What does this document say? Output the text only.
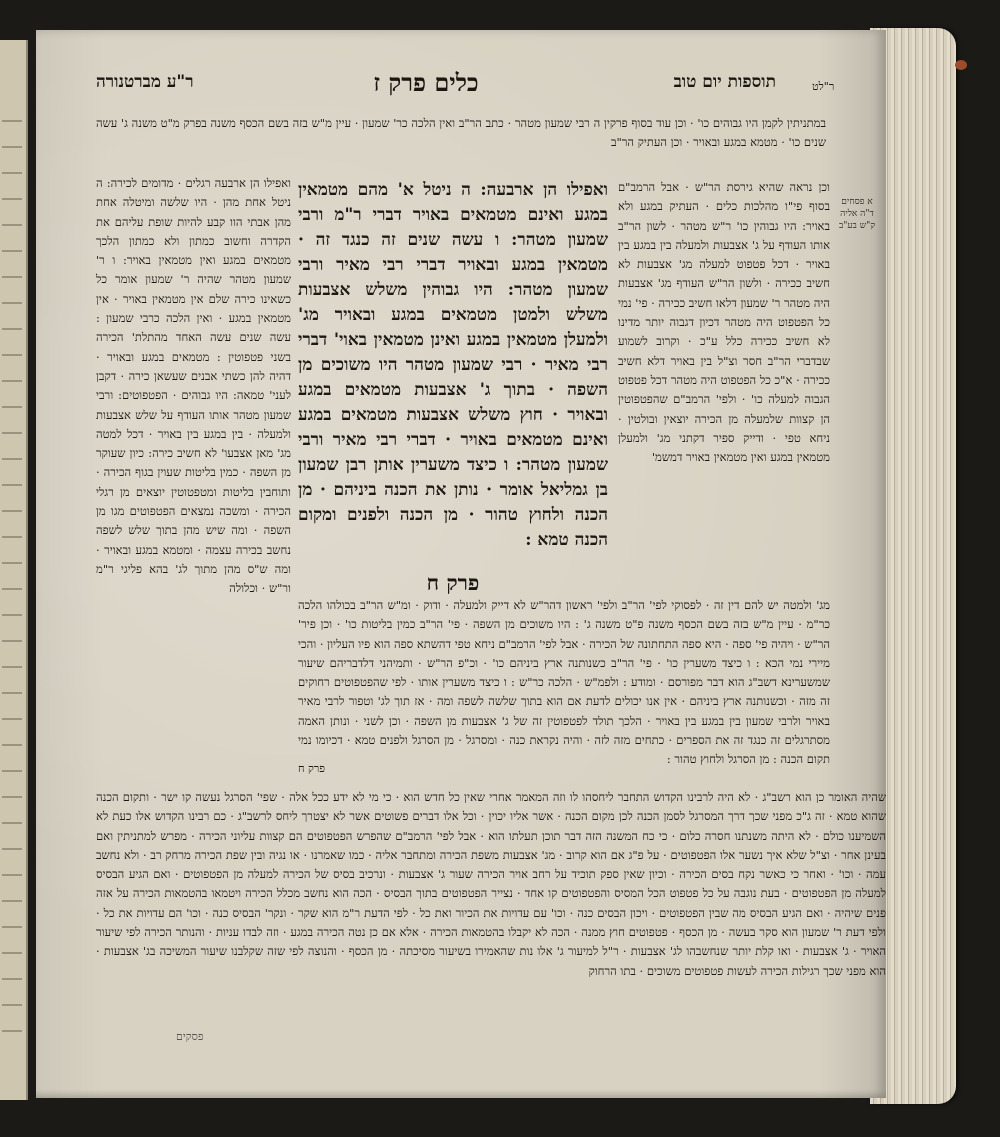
תוספות יום טוב
כלים פרק ז
ר"ע מברטנורה	ר"לט
במתניתין לקמן היו גבוהים כו' · וכן עוד בסוף פרקין ה רבי שמעון מטהר · כתב הר"ב ואין הלכה כר' שמעון · עיין מ"ש בזה בשם הכסף משנה בפרק מ"ט משנה ג' עשה שנים כו' · מטמא במגע ובאויר · וכן העתיק הר"ב
וכן נראה שהיא גירסת הר"ש · אבל הרמב"ם בסוף פי"ו מהלכות כלים · העתיק במגע ולא באויר: היו גבוהין כו' ר"ש מטהר · לשון הר"ב אותו העודף על ג' אצבעות ולמעלה בין במגע בין באויר · דכל פטפוט למעלה מג' אצבעות לא חשיב ככירה · ולשון הר"ש העודף מג' אצבעות היה מטהר ר' שמעון דלאו חשיב ככירה · פי' נמי כל הפטפוט היה מטהר דכיון דגבוה יותר מדינו לא חשיב ככירה כלל ע"כ · וקרוב לשמוע שבדברי הר"ב חסר וצ"ל בין באויר דלא חשיב ככירה · א"כ כל הפטפוט היה מטהר דכל פטפוט הגבוה למעלה כו' · ולפי' הרמב"ם שהפטפוטין הן קצוות שלמעלה מן הכירה יוצאין ובולטין · ניחא טפי · ודייק ספיר דקתני מג' ולמעלן מטמאין במגע ואין מטמאין באויר דמשמ'
ואפילו הן ארבעה: ה ניטל א' מהם מטמאין במגע ואינם מטמאים באויר דברי ר"מ ורבי שמעון מטהר: ו עשה שנים זה כנגד זה · מטמאין במגע ובאויר דברי רבי מאיר ורבי שמעון מטהר: היו גבוהין משלש אצבעות משלש ולמטן מטמאים במגע ובאויר מג' ולמעלן מטמאין במגע ואינן מטמאין באוי' דברי רבי מאיר · רבי שמעון מטהר היו משוכים מן השפה · בתוך ג' אצבעות מטמאים במגע ובאויר · חוץ משלש אצבעות מטמאים במגע ואינם מטמאים באויר · דברי רבי מאיר ורבי שמעון מטהר: ו כיצד משערין אותן רבן שמעון בן גמליאל אומר · נותן את הכנה ביניהם · מן הכנה ולחוץ טהור · מן הכנה ולפנים ומקום הכנה טמא :
פרק ח
ואפילו הן ארבעה רגלים · מדומים לכירה: ה ניטל אחת מהן · היו שלשה ומיטלה אחת מהן אבתי הוו קבע להיות שופת עליהם את הקדרה וחשוב כמתון ולא כמתון הלכך מטמאים במגע ואין מטמאין באויר: ו ר' שמעון מטהר שהיה ר' שמעון אומר כל כשאינו כירה שלם אין מטמאין באויר · אין מטמאין במגע · ואין הלכה כרבי שמעון : עשה שנים עשה האחד מהתלת' הכירה בשני פטפוטין : מטמאים במגע ובאויר · דהיה להן כשתי אבנים שעשאן כירה · דקבן לעני' טמאה: היו גבוהים · הפטפוטים: ורבי שמעון מטהר אותו העודף על שלש אצבעות ולמעלה · בין במגע בין באויר · דכל למטה מג' מאן אצבעו' לא חשיב כירה: כיון שעוקר מן השפה · כמין בליטות שעוין בגוף הכירה · ותוחבין בליטות ומטפטוטין יוצאים מן רגלי הכירה · ומשכה נמצאים הפטפוטים מגו מן השפה · ומה שיש מהן בתוך שלש לשפה נחשב בכירה עצמה · ומטמא במגע ובאויר · ומה ש"ס מהן מתוך לג' בהא פליגי ר"מ ור"ש · וכלולה
מג' ולמטה יש להם דין זה · לפסוקי לפי' הר"ב ולפי' ראשון דהר"ש לא דייק ולמעלה · ודוק · ומ"ש הר"ב בכולהו הלכה כר"מ · עיין מ"ש בזה בשם הכסף משנה פ"ט משנה ג' : היו משוכים מן השפה · פי' הר"ב כמין בליטות כו' · וכן פיר' הר"ש · ויהיה פי' ספה · היא ספה התחתונה של הכירה · אבל לפי' הרמב"ם ניחא טפי דהשתא ספה הוא פיו העליון · והכי מיירי נמי הכא : ו כיצד משערין כו' · פי' הר"ב כשנותנה ארץ ביניהם כו' · וכ"פ הר"ש · ותמיהני דלדבריהם שיעור שמשערינא דשב"ג הוא דבר מפורסם · ומודע : ולפמ"ש · הלכה כר"ש : ו כיצד משערין אותו · לפי שהפטפוטים רחוקים זה מזה · וכשנותנה ארץ ביניהם · אין אנו יכולים לדעת אם הוא בתוך שלשה לשפה ומה · אז תוך לג' וטפור לרבי מאיר באויר ולרבי שמעון בין במגע בין באויר · הלכך תולד לפטפוטין זה של ג' אצבעות מן השפה · וכן לשני · ונותן האמה מסתרגלים זה כנגד זה את הספרים · כתחים מזה לזה · והיה נקראת כנה · ומסרגל · מן הסרגל ולפנים טמא · דכיומו נמי תקום הכנה : מן הסרגל ולחוץ טהור :
פרק ח
שהיה האומר כן הוא רשב"ג · לא היה לרבינו הקדוש התחבר ליחסהו לו וזה המאמר אחרי שאין כל חדש הוא · כי מי לא ידע ככל אלה · שפי' הסרגל נעשה קו ישר · ותקום הכנה שהוא טמא · זה ג"כ מפני שכך דרך המסרגל לסמן הכנה לכן מקום הכנה · אשר אליו יכוין · וכל אלו דברים פשוטים אשר לא יצטרך ליחס לרשב"ג · כם רבינו הקדוש אלו כעת לא השמיענו כולם · לא היתה משנתנו חסרה כלום · כי כח המשנה הזה דבר תוכן תעלתו הוא · אבל לפי' הרמב"ם שהפרש הפטפוטים הם קצוות עליוני הכירה · מפרש למתניתין ואם בעינן אחר · וצ"ל שלא איך נשער אלו הפטפוטים · על פ"ג אם הוא קרוב · מג' אצבעות משפת הכירה ומתחבר אליה · כמו שאמרנו · או נגיה ובין שפת הכירה מרחק רב · ולא נחשב עמה · וכו' · ואחר כי כאשר נקח בסים הכירה · וכיון שאין ספק תוכיד על רחב אויר הכירה שעור ג' אצבעות · ונרכיב בסיס של הכירה למעלה מן הפטפוטים · ואם הגיע הבסיס למעלה מן הפטפוטים · בעת נוגבה על כל פטפוט הכל המסיס והפטפוטים קו אחד · נצייר הפטפוטים בתוך הבסיס · הכה הוא נחשב מכלל הכירה ויטמאו בהטמאות הכירה על אזה פנים שיהיה · ואם הגיע הבסיס מה שבין הפטפוטים · ויכון הבסים כנה · וכו' עם עדויות את הכיור ואת כל · לפי הדעת ר"מ הוא שקר · ונקר' הבסיס כנה · וכו' הם עדויות את כל · ולפי דעת ר' שמעון הוא סקר בעשה · מן הכסף · פטפוטים חוץ ממנה · הכה לא יקבלו בהטמאות הכירה · אלא אם כן נטה הכירה במגע · וזה לבדו עניות · והנותר הכירה לפי שיעור האויר · ג' אצבעות · ואו קלת יותר שנחשבהו לג' אצבעות · ר"ל למיעור ג' אלו נות שהאמירו בשיעור מסיכתה · מן הכסף · והנוצה לפי שזה שקלבנו שיעור המשיכה בג' אצבעות · הוא מפני שכך רגילות הכירה לעשות פטפוטים משוכים · בתו הרחוק
א פסחים ד"ה אליה ק"ש בע"ב
פסקים
